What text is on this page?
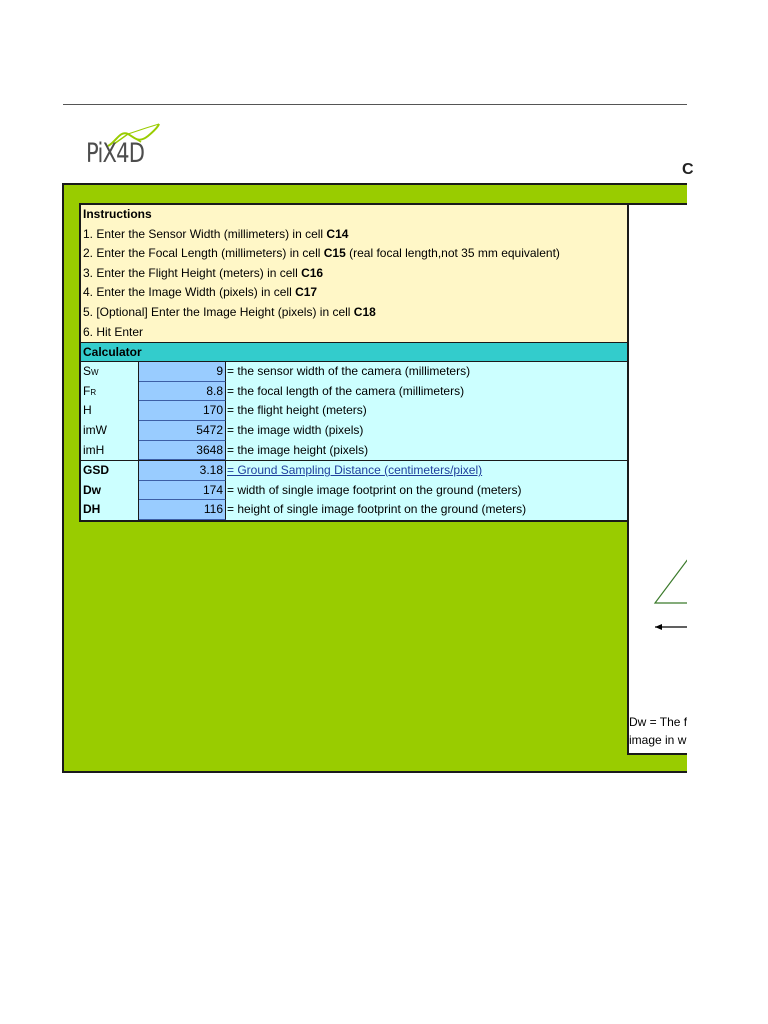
PiX4D
C
Dw = The f
image in w
Instructions
1. Enter the Sensor Width (millimeters) in cell C14
2. Enter the Focal Length (millimeters) in cell C15 (real focal length,not 35 mm equivalent)
3. Enter the Flight Height (meters) in cell C16
4. Enter the Image Width (pixels) in cell C17
5. [Optional] Enter the Image Height (pixels) in cell C18
6. Hit Enter
Calculator
SW	9 = the sensor width of the camera (millimeters)
FR	8.8 = the focal length of the camera (millimeters)
H	170 = the flight height (meters)
imW	5472 = the image width (pixels)
imH	3648 = the image height (pixels)
GSD	3.18 = Ground Sampling Distance (centimeters/pixel)
Dw	174 = width of single image footprint on the ground (meters)
DH	116 = height of single image footprint on the ground (meters)
